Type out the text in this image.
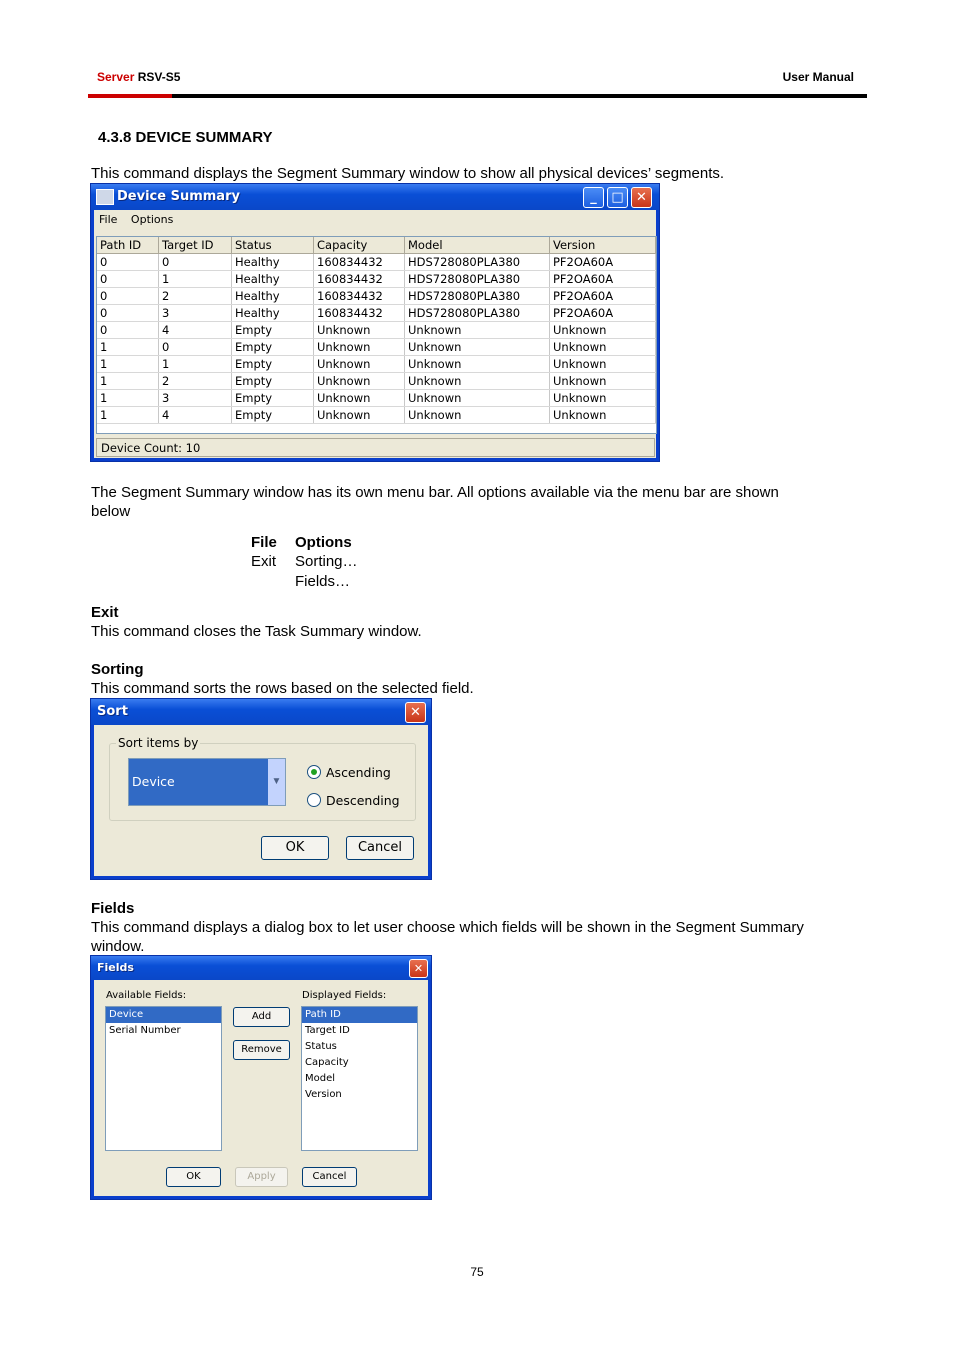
Server RSV-S5	User Manual
4.3.8 DEVICE SUMMARY
This command displays the Segment Summary window to show all physical devices’ segments.
Device Summary	_	□ ✕
File Options
Path ID	Target ID	Status	Capacity	Model	Version
0	0	Healthy	160834432	HDS728080PLA380	PF2OA60A
0	1	Healthy	160834432	HDS728080PLA380	PF2OA60A
0	2	Healthy	160834432	HDS728080PLA380	PF2OA60A
0	3	Healthy	160834432	HDS728080PLA380	PF2OA60A
0	4	Empty	Unknown	Unknown	Unknown
1	0	Empty	Unknown	Unknown	Unknown
1	1	Empty	Unknown	Unknown	Unknown
1	2	Empty	Unknown	Unknown	Unknown
1	3	Empty	Unknown	Unknown	Unknown
1	4	Empty	Unknown	Unknown	Unknown
Device Count: 10
The Segment Summary window has its own menu bar. All options available via the menu bar are shown
below
File Options
Exit Sorting…
Fields…
Exit
This command closes the Task Summary window.
Sorting
This command sorts the rows based on the selected field.
Sort	✕
Sort items by
Device	▼
Ascending
Descending
OK	Cancel
Fields
This command displays a dialog box to let user choose which fields will be shown in the Segment Summary
window.
Fields	✕
Available Fields:
Device
Serial Number
Add
Remove
Displayed Fields:
Path ID
Target ID
Status
Capacity
Model
Version
OK	Apply	Cancel
75
